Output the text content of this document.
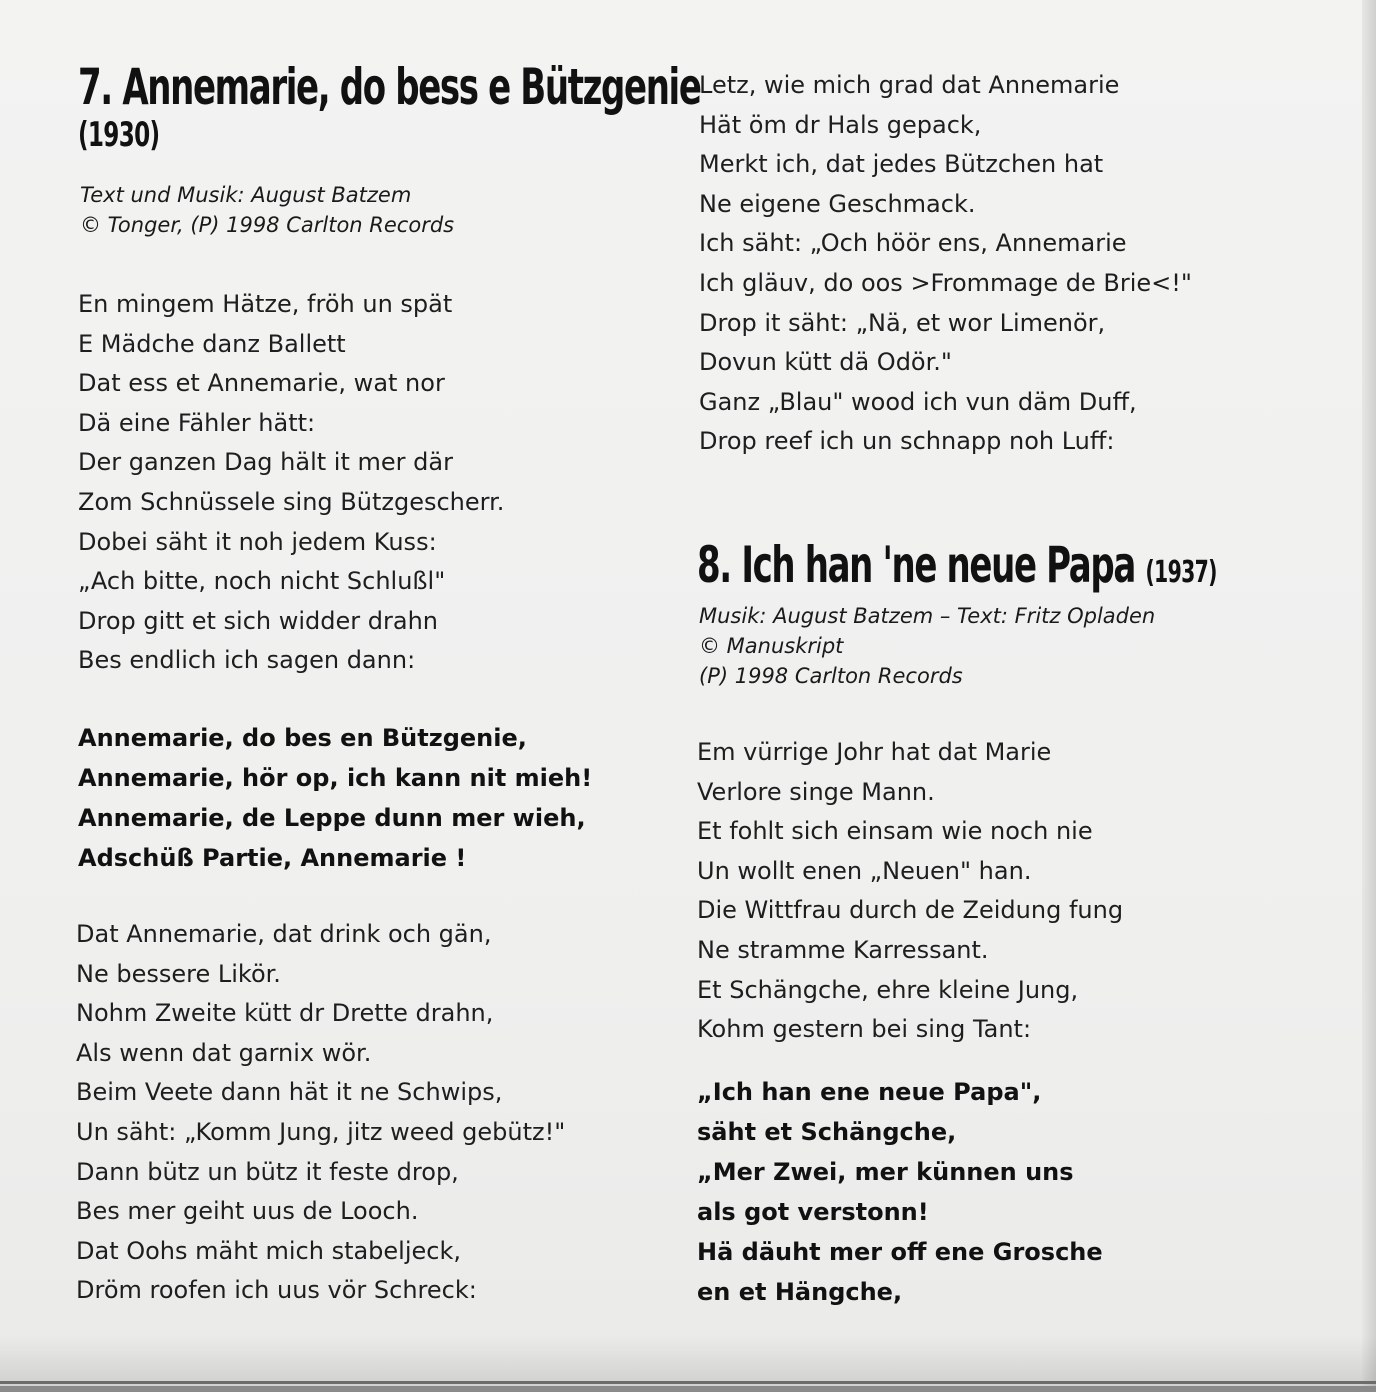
7. Annemarie, do bess e Bützgenie
(1930)

Text und Musik: August Batzem

© Tonger, (P) 1998 Carlton Records

En mingem Hätze, fröh un spät
E Mädche danz Ballett
Dat ess et Annemarie, wat nor
Dä eine Fähler hätt:
Der ganzen Dag hält it mer där
Zom Schnüssele sing Bützgescherr.
Dobei säht it noh jedem Kuss:
„Ach bitte, noch nicht Schlußl"
Drop gitt et sich widder drahn
Bes endlich ich sagen dann:
Annemarie, do bes en Bützgenie,
Annemarie, hör op, ich kann nit mieh!
Annemarie, de Leppe dunn mer wieh,
Adschüß Partie, Annemarie !
Dat Annemarie, dat drink och gän,
Ne bessere Likör.
Nohm Zweite kütt dr Drette drahn,
Als wenn dat garnix wör.
Beim Veete dann hät it ne Schwips,
Un säht: „Komm Jung, jitz weed gebütz!"
Dann bütz un bütz it feste drop,
Bes mer geiht uus de Looch.
Dat Oohs mäht mich stabeljeck,
Dröm roofen ich uus vör Schreck:
Letz, wie mich grad dat Annemarie
Hät öm dr Hals gepack,
Merkt ich, dat jedes Bützchen hat
Ne eigene Geschmack.
Ich säht: „Och höör ens, Annemarie
Ich gläuv, do oos >Frommage de Brie<!"
Drop it säht: „Nä, et wor Limenör,
Dovun kütt dä Odör."
Ganz „Blau" wood ich vun däm Duff,
Drop reef ich un schnapp noh Luff:
8. Ich han 'ne neue Papa (1937)

Musik: August Batzem – Text: Fritz Opladen

© Manuskript

(P) 1998 Carlton Records

Em vürrige Johr hat dat Marie
Verlore singe Mann.
Et fohlt sich einsam wie noch nie
Un wollt enen „Neuen" han.
Die Wittfrau durch de Zeidung fung
Ne stramme Karressant.
Et Schängche, ehre kleine Jung,
Kohm gestern bei sing Tant:
„Ich han ene neue Papa",
säht et Schängche,
„Mer Zwei, mer künnen uns
als got verstonn!
Hä däuht mer off ene Grosche
en et Hängche,
